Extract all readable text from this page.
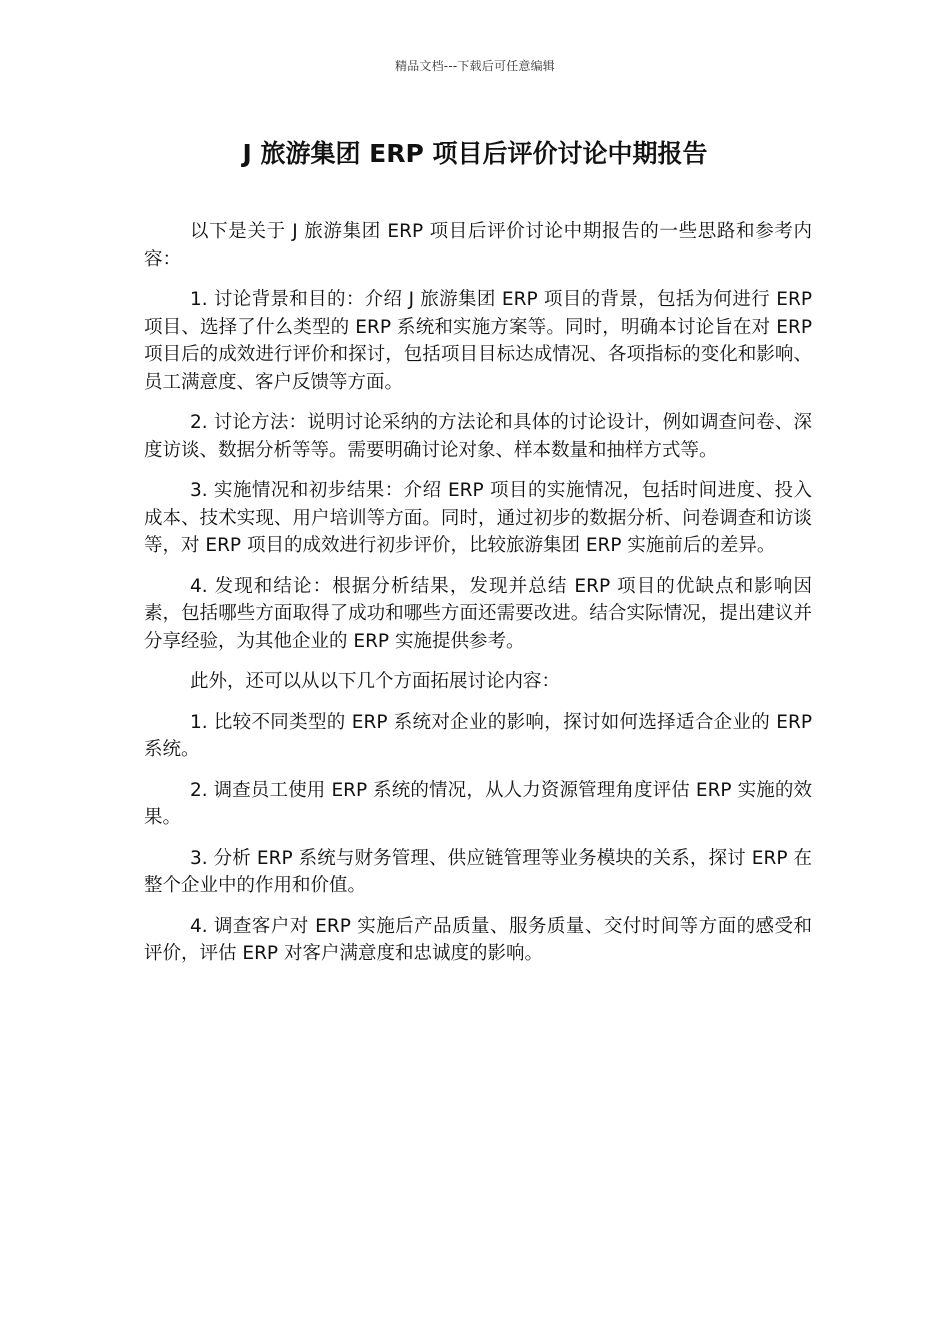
精品文档---下载后可任意编辑
J 旅游集团 ERP 项目后评价讨论中期报告

以下是关于 J 旅游集团 ERP 项目后评价讨论中期报告的一些思路和参考内容：

1. 讨论背景和目的：介绍 J 旅游集团 ERP 项目的背景，包括为何进行 ERP 项目、选择了什么类型的 ERP 系统和实施方案等。同时，明确本讨论旨在对 ERP 项目后的成效进行评价和探讨，包括项目目标达成情况、各项指标的变化和影响、员工满意度、客户反馈等方面。

2. 讨论方法：说明讨论采纳的方法论和具体的讨论设计，例如调查问卷、深度访谈、数据分析等等。需要明确讨论对象、样本数量和抽样方式等。

3. 实施情况和初步结果：介绍 ERP 项目的实施情况，包括时间进度、投入成本、技术实现、用户培训等方面。同时，通过初步的数据分析、问卷调查和访谈等，对 ERP 项目的成效进行初步评价，比较旅游集团 ERP 实施前后的差异。

4. 发现和结论：根据分析结果，发现并总结 ERP 项目的优缺点和影响因素，包括哪些方面取得了成功和哪些方面还需要改进。结合实际情况，提出建议并分享经验，为其他企业的 ERP 实施提供参考。

此外，还可以从以下几个方面拓展讨论内容：

1. 比较不同类型的 ERP 系统对企业的影响，探讨如何选择适合企业的 ERP 系统。

2. 调查员工使用 ERP 系统的情况，从人力资源管理角度评估 ERP 实施的效果。

3. 分析 ERP 系统与财务管理、供应链管理等业务模块的关系，探讨 ERP 在整个企业中的作用和价值。

4. 调查客户对 ERP 实施后产品质量、服务质量、交付时间等方面的感受和评价，评估 ERP 对客户满意度和忠诚度的影响。
